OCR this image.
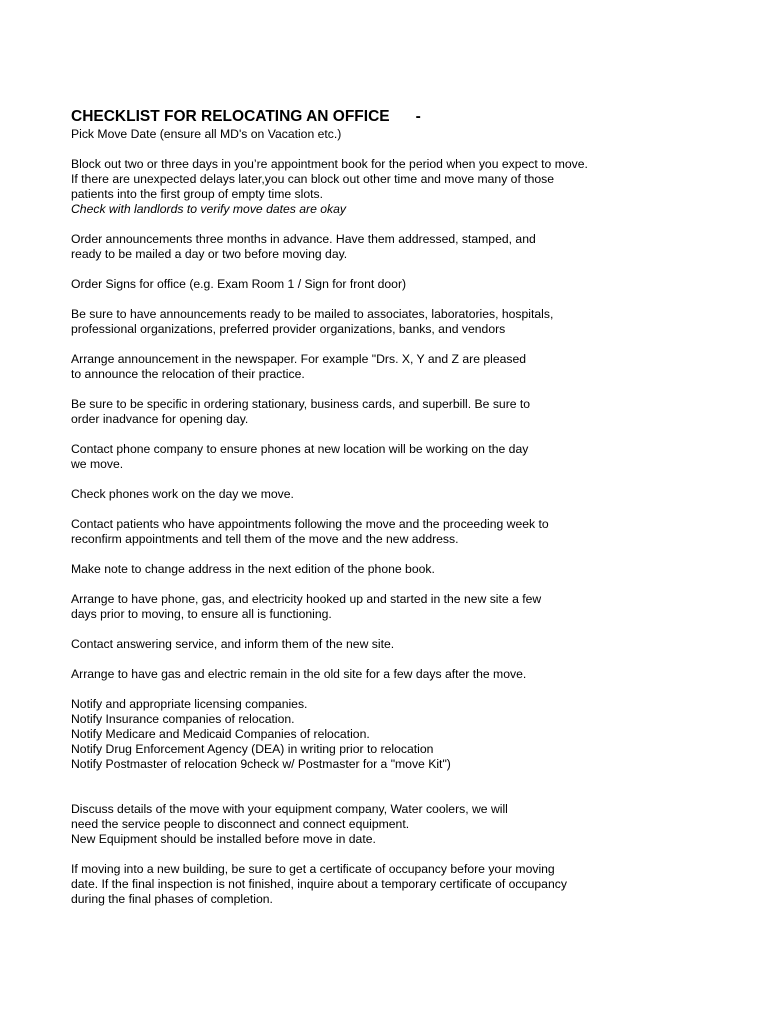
CHECKLIST FOR RELOCATING AN OFFICE -
Pick Move Date (ensure all MD's on Vacation etc.)
Block out two or three days in you’re appointment book for the period when you expect to move.
If there are unexpected delays later,you can block out other time and move many of those
patients into the first group of empty time slots.
Check with landlords to verify move dates are okay
Order announcements three months in advance. Have them addressed, stamped, and
ready to be mailed a day or two before moving day.
Order Signs for office (e.g. Exam Room 1 / Sign for front door)
Be sure to have announcements ready to be mailed to associates, laboratories, hospitals,
professional organizations, preferred provider organizations, banks, and vendors
Arrange announcement in the newspaper. For example "Drs. X, Y and Z are pleased
to announce the relocation of their practice.
Be sure to be specific in ordering stationary, business cards, and superbill. Be sure to
order inadvance for opening day.
Contact phone company to ensure phones at new location will be working on the day
we move.
Check phones work on the day we move.
Contact patients who have appointments following the move and the proceeding week to
reconfirm appointments and tell them of the move and the new address.
Make note to change address in the next edition of the phone book.
Arrange to have phone, gas, and electricity hooked up and started in the new site a few
days prior to moving, to ensure all is functioning.
Contact answering service, and inform them of the new site.
Arrange to have gas and electric remain in the old site for a few days after the move.
Notify and appropriate licensing companies.
Notify Insurance companies of relocation.
Notify Medicare and Medicaid Companies of relocation.
Notify Drug Enforcement Agency (DEA) in writing prior to relocation
Notify Postmaster of relocation 9check w/ Postmaster for a "move Kit")
Discuss details of the move with your equipment company, Water coolers, we will
need the service people to disconnect and connect equipment.
New Equipment should be installed before move in date.
If moving into a new building, be sure to get a certificate of occupancy before your moving
date. If the final inspection is not finished, inquire about a temporary certificate of occupancy
during the final phases of completion.
